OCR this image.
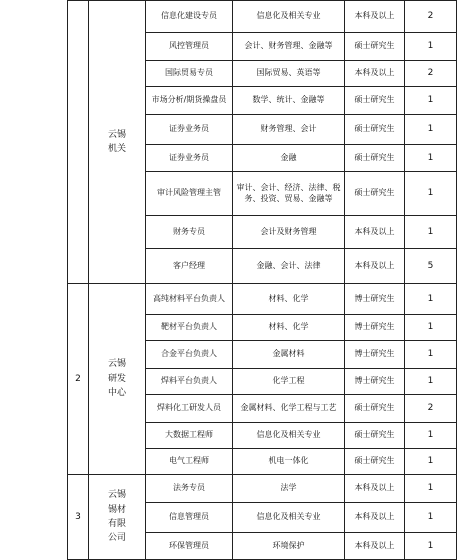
	云锡机关	信息化建设专员	信息化及相关专业	本科及以上	2
		风控管理员	会计、财务管理、金融等	硕士研究生	1
		国际贸易专员	国际贸易、英语等	本科及以上	2
		市场分析/期货操盘员	数学、统计、金融等	硕士研究生	1
		证券业务员	财务管理、会计	硕士研究生	1
		证券业务员	金融	硕士研究生	1
		审计风险管理主管	审计、会计、经济、法律、税务、投资、贸易、金融等	硕士研究生	1
		财务专员	会计及财务管理	本科及以上	1
		客户经理	金融、会计、法律	本科及以上	5
2	云锡研发中心	高纯材料平台负责人	材料、化学	博士研究生	1
		靶材平台负责人	材料、化学	博士研究生	1
		合金平台负责人	金属材料	博士研究生	1
		焊料平台负责人	化学工程	博士研究生	1
		焊料化工研发人员	金属材料、化学工程与工艺	硕士研究生	2
		大数据工程师	信息化及相关专业	硕士研究生	1
		电气工程师	机电一体化	硕士研究生	1
3	云锡锡材有限公司	法务专员	法学	本科及以上	1
		信息管理员	信息化及相关专业	本科及以上	1
		环保管理员	环境保护	本科及以上	1
